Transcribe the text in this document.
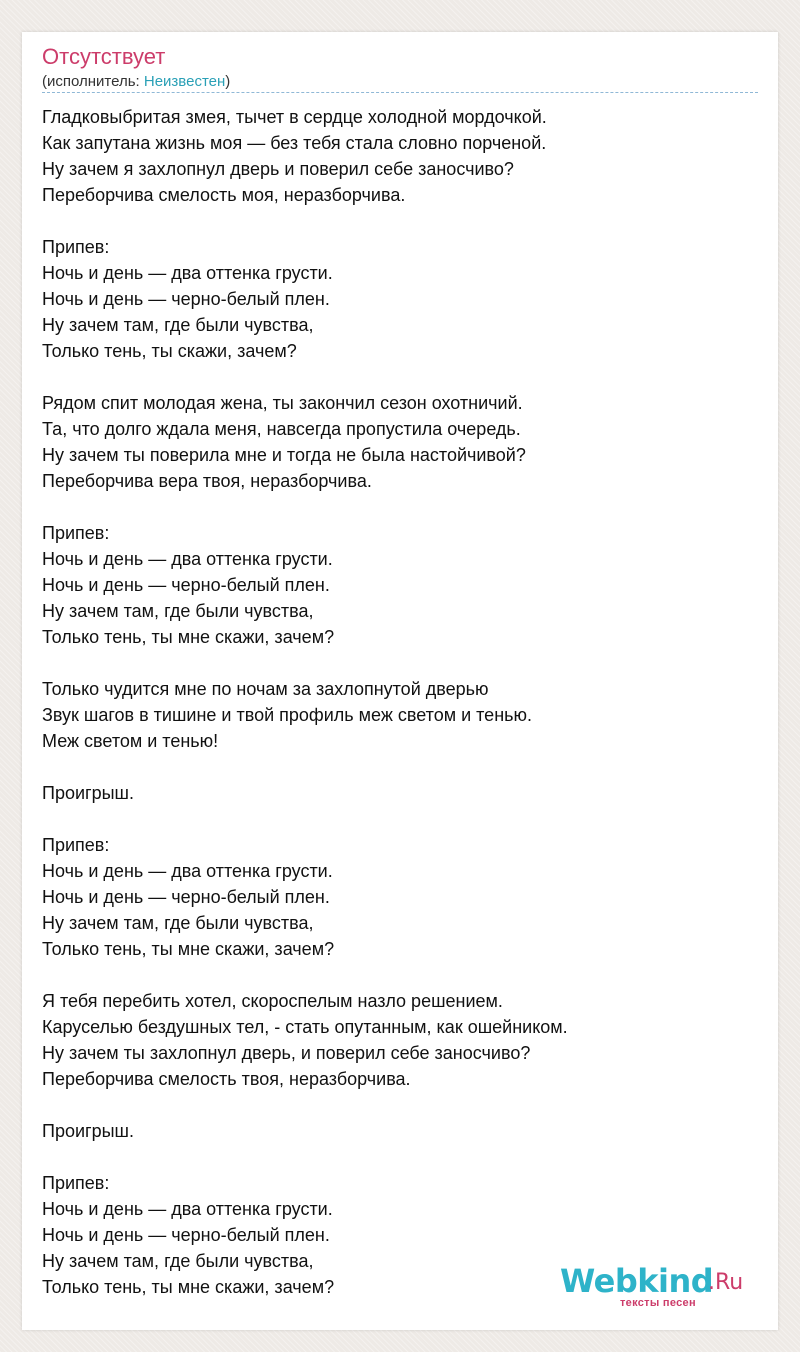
Отсутствует
(исполнитель: Неизвестен)
Гладковыбритая змея, тычет в сердце холодной мордочкой.
Как запутана жизнь моя — без тебя стала словно порченой.
Ну зачем я захлопнул дверь и поверил себе заносчиво?
Переборчива смелость моя, неразборчива.
Припев:
Ночь и день — два оттенка грусти.
Ночь и день — черно-белый плен.
Ну зачем там, где были чувства,
Только тень, ты скажи, зачем?
Рядом спит молодая жена, ты закончил сезон охотничий.
Та, что долго ждала меня, навсегда пропустила очередь.
Ну зачем ты поверила мне и тогда не была настойчивой?
Переборчива вера твоя, неразборчива.
Припев:
Ночь и день — два оттенка грусти.
Ночь и день — черно-белый плен.
Ну зачем там, где были чувства,
Только тень, ты мне скажи, зачем?
Только чудится мне по ночам за захлопнутой дверью
Звук шагов в тишине и твой профиль меж светом и тенью.
Меж светом и тенью!
Проигрыш.
Припев:
Ночь и день — два оттенка грусти.
Ночь и день — черно-белый плен.
Ну зачем там, где были чувства,
Только тень, ты мне скажи, зачем?
Я тебя перебить хотел, скороспелым назло решением.
Каруселью бездушных тел, - стать опутанным, как ошейником.
Ну зачем ты захлопнул дверь, и поверил себе заносчиво?
Переборчива смелость твоя, неразборчива.
Проигрыш.
Припев:
Ночь и день — два оттенка грусти.
Ночь и день — черно-белый плен.
Ну зачем там, где были чувства,
Только тень, ты мне скажи, зачем?	Webkind
.Ru
тексты песен
